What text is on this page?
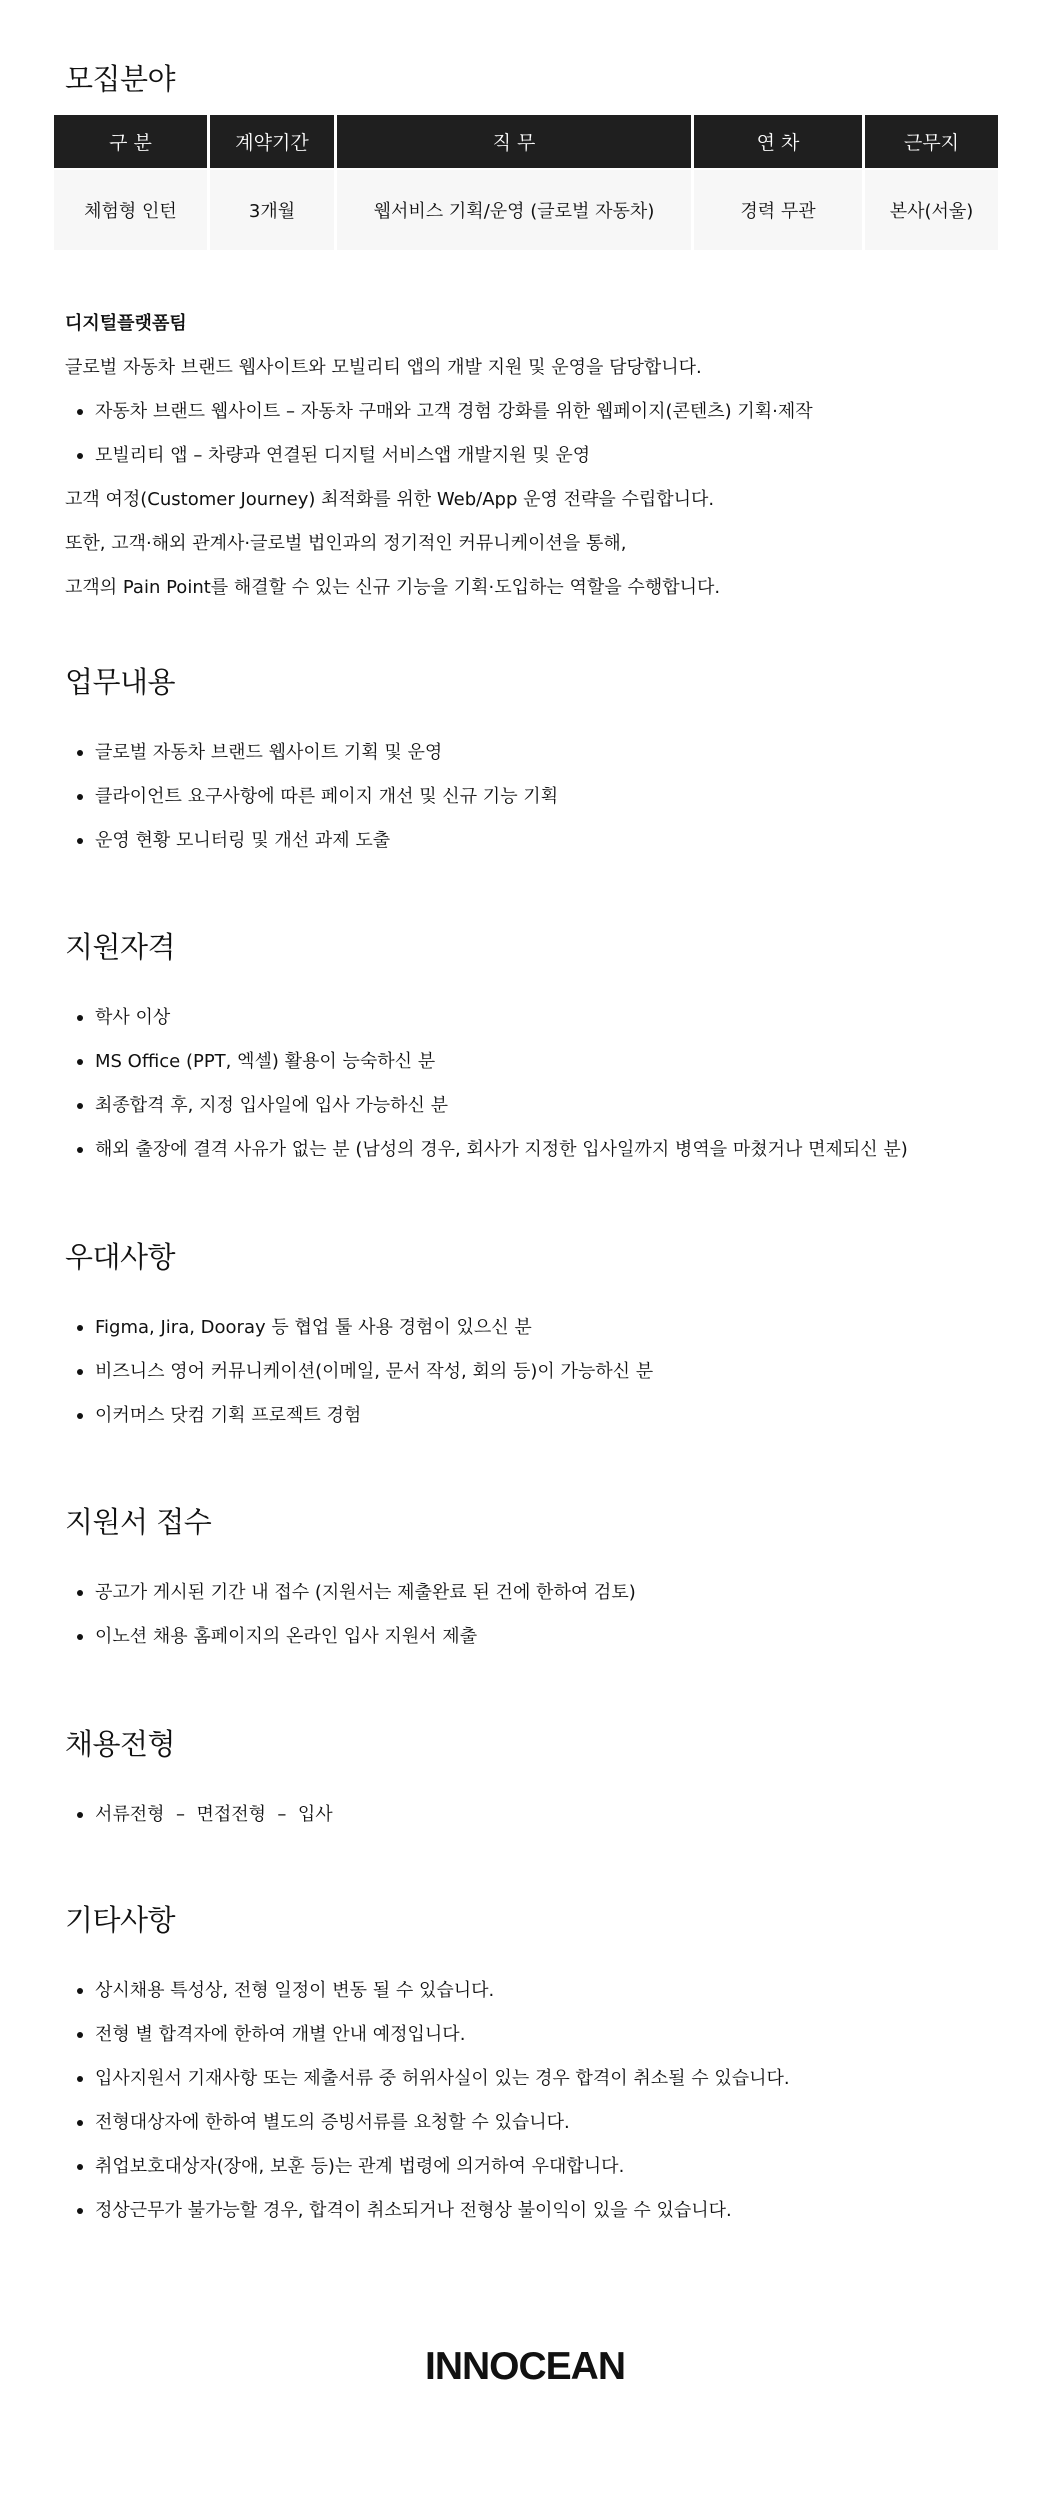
모집분야
구 분	계약기간	직 무	연 차	근무지
체험형 인턴	3개월	웹서비스 기획/운영 (글로벌 자동차)	경력 무관	본사(서울)

디지털플랫폼팀

글로벌 자동차 브랜드 웹사이트와 모빌리티 앱의 개발 지원 및 운영을 담당합니다.

자동차 브랜드 웹사이트 – 자동차 구매와 고객 경험 강화를 위한 웹페이지(콘텐츠) 기획·제작
모빌리티 앱 – 차량과 연결된 디지털 서비스앱 개발지원 및 운영

고객 여정(Customer Journey) 최적화를 위한 Web/App 운영 전략을 수립합니다.

또한, 고객·해외 관계사·글로벌 법인과의 정기적인 커뮤니케이션을 통해,

고객의 Pain Point를 해결할 수 있는 신규 기능을 기획·도입하는 역할을 수행합니다.

업무내용
글로벌 자동차 브랜드 웹사이트 기획 및 운영
클라이언트 요구사항에 따른 페이지 개선 및 신규 기능 기획
운영 현황 모니터링 및 개선 과제 도출
지원자격
학사 이상
MS Office (PPT, 엑셀) 활용이 능숙하신 분
최종합격 후, 지정 입사일에 입사 가능하신 분
해외 출장에 결격 사유가 없는 분 (남성의 경우, 회사가 지정한 입사일까지 병역을 마쳤거나 면제되신 분)
우대사항
Figma, Jira, Dooray 등 협업 툴 사용 경험이 있으신 분
비즈니스 영어 커뮤니케이션(이메일, 문서 작성, 회의 등)이 가능하신 분
이커머스 닷컴 기획 프로젝트 경험
지원서 접수
공고가 게시된 기간 내 접수 (지원서는 제출완료 된 건에 한하여 검토)
이노션 채용 홈페이지의 온라인 입사 지원서 제출
채용전형
서류전형  –  면접전형  –  입사
기타사항
상시채용 특성상, 전형 일정이 변동 될 수 있습니다.
전형 별 합격자에 한하여 개별 안내 예정입니다.
입사지원서 기재사항 또는 제출서류 중 허위사실이 있는 경우 합격이 취소될 수 있습니다.
전형대상자에 한하여 별도의 증빙서류를 요청할 수 있습니다.
취업보호대상자(장애, 보훈 등)는 관계 법령에 의거하여 우대합니다.
정상근무가 불가능할 경우, 합격이 취소되거나 전형상 불이익이 있을 수 있습니다.
INNOCEAN
